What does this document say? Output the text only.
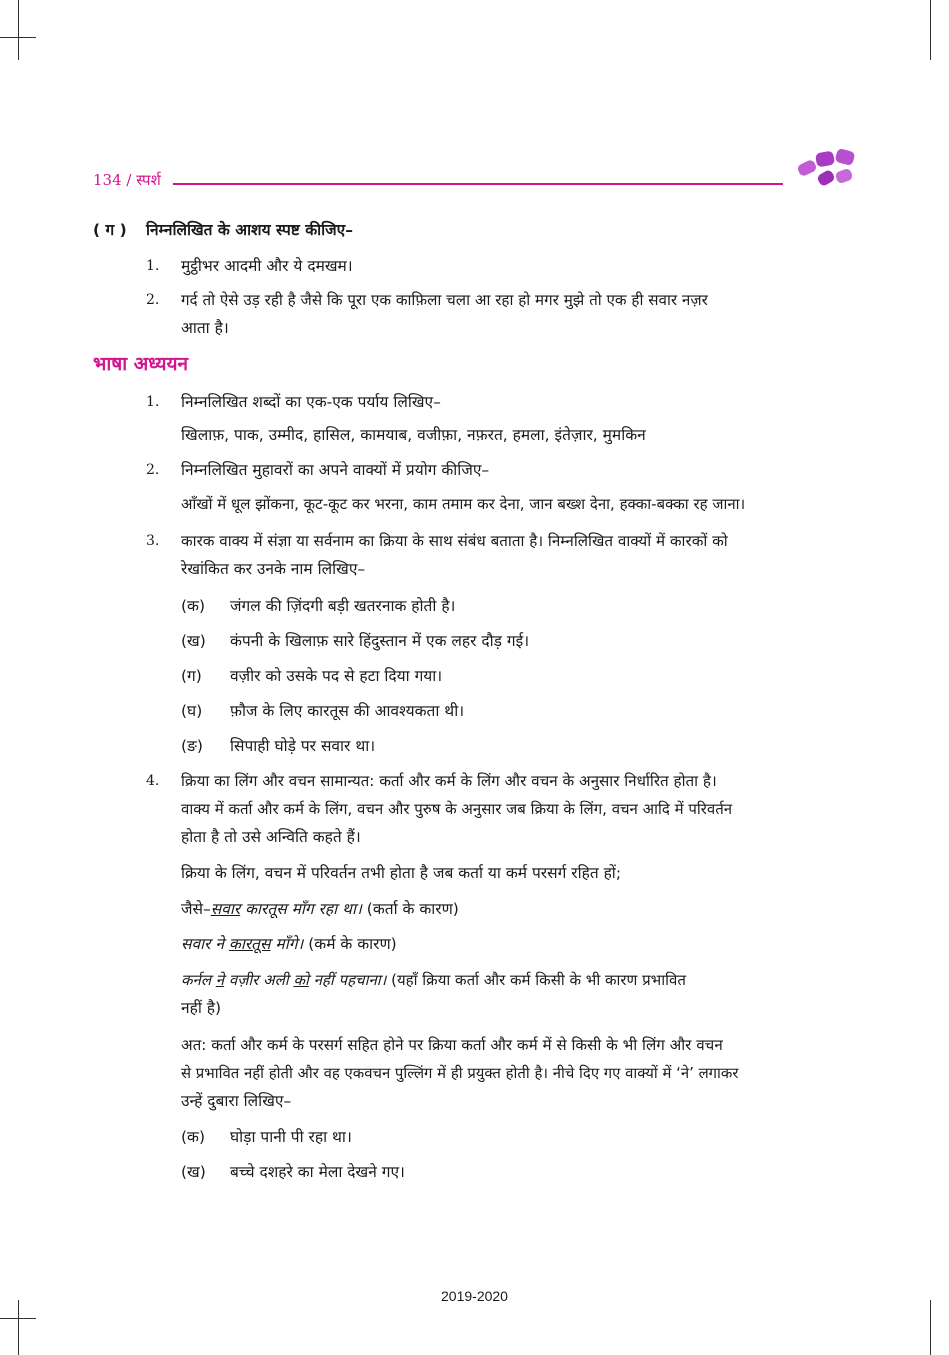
134 / स्पर्श
( ग ) निम्नलिखित के आशय स्पष्ट कीजिए–
1. मुट्ठीभर आदमी और ये दमखम।
2. गर्द तो ऐसे उड़ रही है जैसे कि पूरा एक काफ़िला चला आ रहा हो मगर मुझे तो एक ही सवार नज़र
आता है।
भाषा अध्ययन
1. निम्नलिखित शब्दों का एक-एक पर्याय लिखिए–
खिलाफ़, पाक, उम्मीद, हासिल, कामयाब, वजीफ़ा, नफ़रत, हमला, इंतेज़ार, मुमकिन
2. निम्नलिखित मुहावरों का अपने वाक्यों में प्रयोग कीजिए–
आँखों में धूल झोंकना, कूट-कूट कर भरना, काम तमाम कर देना, जान बख्श देना, हक्का-बक्का रह जाना।
3. कारक वाक्य में संज्ञा या सर्वनाम का क्रिया के साथ संबंध बताता है। निम्नलिखित वाक्यों में कारकों को
रेखांकित कर उनके नाम लिखिए–
(क) जंगल की ज़िंदगी बड़ी खतरनाक होती है।
(ख) कंपनी के खिलाफ़ सारे हिंदुस्तान में एक लहर दौड़ गई।
(ग) वज़ीर को उसके पद से हटा दिया गया।
(घ) फ़ौज के लिए कारतूस की आवश्यकता थी।
(ङ) सिपाही घोड़े पर सवार था।
4. क्रिया का लिंग और वचन सामान्यत: कर्ता और कर्म के लिंग और वचन के अनुसार निर्धारित होता है।
वाक्य में कर्ता और कर्म के लिंग, वचन और पुरुष के अनुसार जब क्रिया के लिंग, वचन आदि में परिवर्तन
होता है तो उसे अन्विति कहते हैं।
क्रिया के लिंग, वचन में परिवर्तन तभी होता है जब कर्ता या कर्म परसर्ग रहित हों;
जैसे–सवार कारतूस माँग रहा था। (कर्ता के कारण)
सवार ने कारतूस माँगे। (कर्म के कारण)
कर्नल ने वज़ीर अली को नहीं पहचाना। (यहाँ क्रिया कर्ता और कर्म किसी के भी कारण प्रभावित
नहीं है)
अत: कर्ता और कर्म के परसर्ग सहित होने पर क्रिया कर्ता और कर्म में से किसी के भी लिंग और वचन
से प्रभावित नहीं होती और वह एकवचन पुल्लिंग में ही प्रयुक्त होती है। नीचे दिए गए वाक्यों में ‘ने’ लगाकर
उन्हें दुबारा लिखिए–
(क) घोड़ा पानी पी रहा था।
(ख) बच्चे दशहरे का मेला देखने गए।
2019-2020
